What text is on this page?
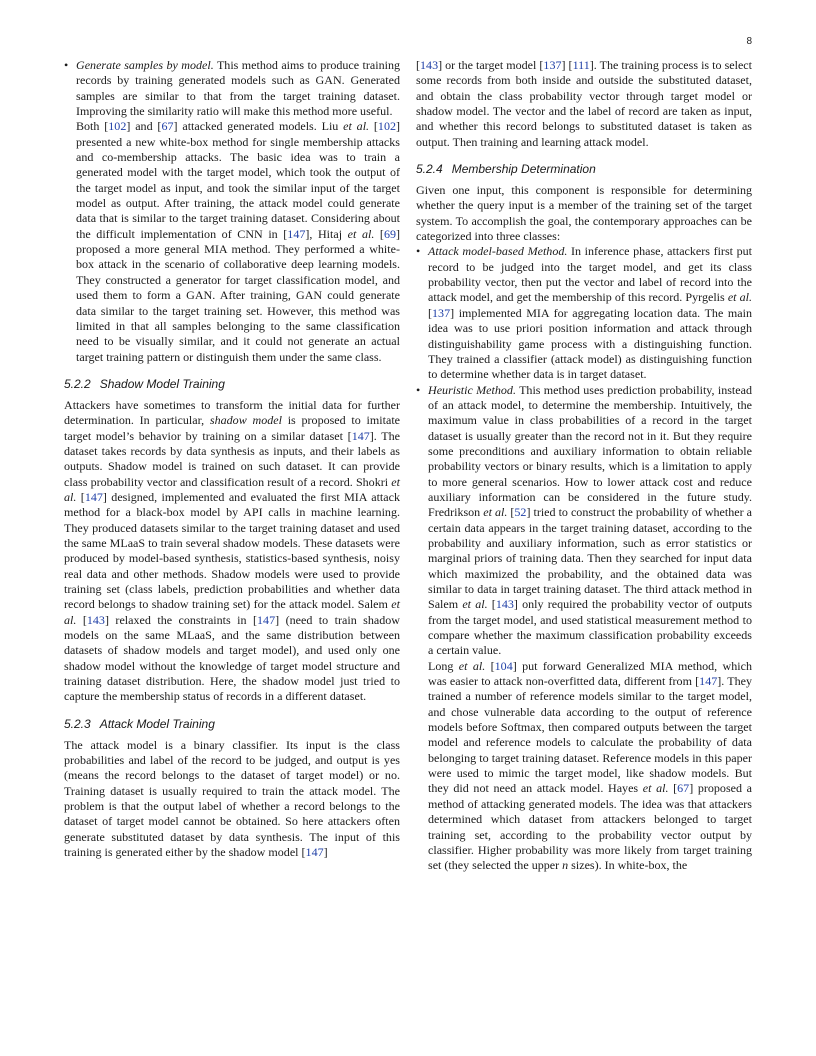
8

• Generate samples by model. This method aims to produce training records by training generated models such as GAN. Generated samples are similar to that from the target training dataset. Improving the similarity ratio will make this method more useful.

Both [102] and [67] attacked generated models. Liu et al. [102] presented a new white-box method for single membership attacks and co-membership attacks. The basic idea was to train a generated model with the target model, which took the output of the target model as input, and took the similar input of the target model as output. After training, the attack model could generate data that is similar to the target training dataset. Considering about the difficult implementation of CNN in [147], Hitaj et al. [69] proposed a more general MIA method. They performed a white-box attack in the scenario of collaborative deep learning models. They constructed a generator for target classification model, and used them to form a GAN. After training, GAN could generate data similar to the target training set. However, this method was limited in that all samples belonging to the same classification need to be visually similar, and it could not generate an actual target training pattern or distinguish them under the same class.

5.2.2 Shadow Model Training

Attackers have sometimes to transform the initial data for further determination. In particular, shadow model is proposed to imitate target model’s behavior by training on a similar dataset [147]. The dataset takes records by data synthesis as inputs, and their labels as outputs. Shadow model is trained on such dataset. It can provide class probability vector and classification result of a record. Shokri et al. [147] designed, implemented and evaluated the first MIA attack method for a black-box model by API calls in machine learning. They produced datasets similar to the target training dataset and used the same MLaaS to train several shadow models. These datasets were produced by model-based synthesis, statistics-based synthesis, noisy real data and other methods. Shadow models were used to provide training set (class labels, prediction probabilities and whether data record belongs to shadow training set) for the attack model. Salem et al. [143] relaxed the constraints in [147] (need to train shadow models on the same MLaaS, and the same distribution between datasets of shadow models and target model), and used only one shadow model without the knowledge of target model structure and training dataset distribution. Here, the shadow model just tried to capture the membership status of records in a different dataset.

5.2.3 Attack Model Training

The attack model is a binary classifier. Its input is the class probabilities and label of the record to be judged, and output is yes (means the record belongs to the dataset of target model) or no. Training dataset is usually required to train the attack model. The problem is that the output label of whether a record belongs to the dataset of target model cannot be obtained. So here attackers often generate substituted dataset by data synthesis. The input of this training is generated either by the shadow model [147]

[143] or the target model [137] [111]. The training process is to select some records from both inside and outside the substituted dataset, and obtain the class probability vector through target model or shadow model. The vector and the label of record are taken as input, and whether this record belongs to substituted dataset is taken as output. Then training and learning attack model.

5.2.4 Membership Determination

Given one input, this component is responsible for determining whether the query input is a member of the training set of the target system. To accomplish the goal, the contemporary approaches can be categorized into three classes:

• Attack model-based Method. In inference phase, attackers first put record to be judged into the target model, and get its class probability vector, then put the vector and label of record into the attack model, and get the membership of this record. Pyrgelis et al. [137] implemented MIA for aggregating location data. The main idea was to use priori position information and attack through distinguishability game process with a distinguishing function. They trained a classifier (attack model) as distinguishing function to determine whether data is in target dataset.

• Heuristic Method. This method uses prediction probability, instead of an attack model, to determine the membership. Intuitively, the maximum value in class probabilities of a record in the target dataset is usually greater than the record not in it. But they require some preconditions and auxiliary information to obtain reliable probability vectors or binary results, which is a limitation to apply to more general scenarios. How to lower attack cost and reduce auxiliary information can be considered in the future study. Fredrikson et al. [52] tried to construct the probability of whether a certain data appears in the target training dataset, according to the probability and auxiliary information, such as error statistics or marginal priors of training data. Then they searched for input data which maximized the probability, and the obtained data was similar to data in target training dataset. The third attack method in Salem et al. [143] only required the probability vector of outputs from the target model, and used statistical measurement method to compare whether the maximum classification probability exceeds a certain value.

Long et al. [104] put forward Generalized MIA method, which was easier to attack non-overfitted data, different from [147]. They trained a number of reference models similar to the target model, and chose vulnerable data according to the output of reference models before Softmax, then compared outputs between the target model and reference models to calculate the probability of data belonging to target training dataset. Reference models in this paper were used to mimic the target model, like shadow models. But they did not need an attack model. Hayes et al. [67] proposed a method of attacking generated models. The idea was that attackers determined which dataset from attackers belonged to target training set, according to the probability vector output by classifier. Higher probability was more likely from target training set (they selected the upper n sizes). In white-box, the
